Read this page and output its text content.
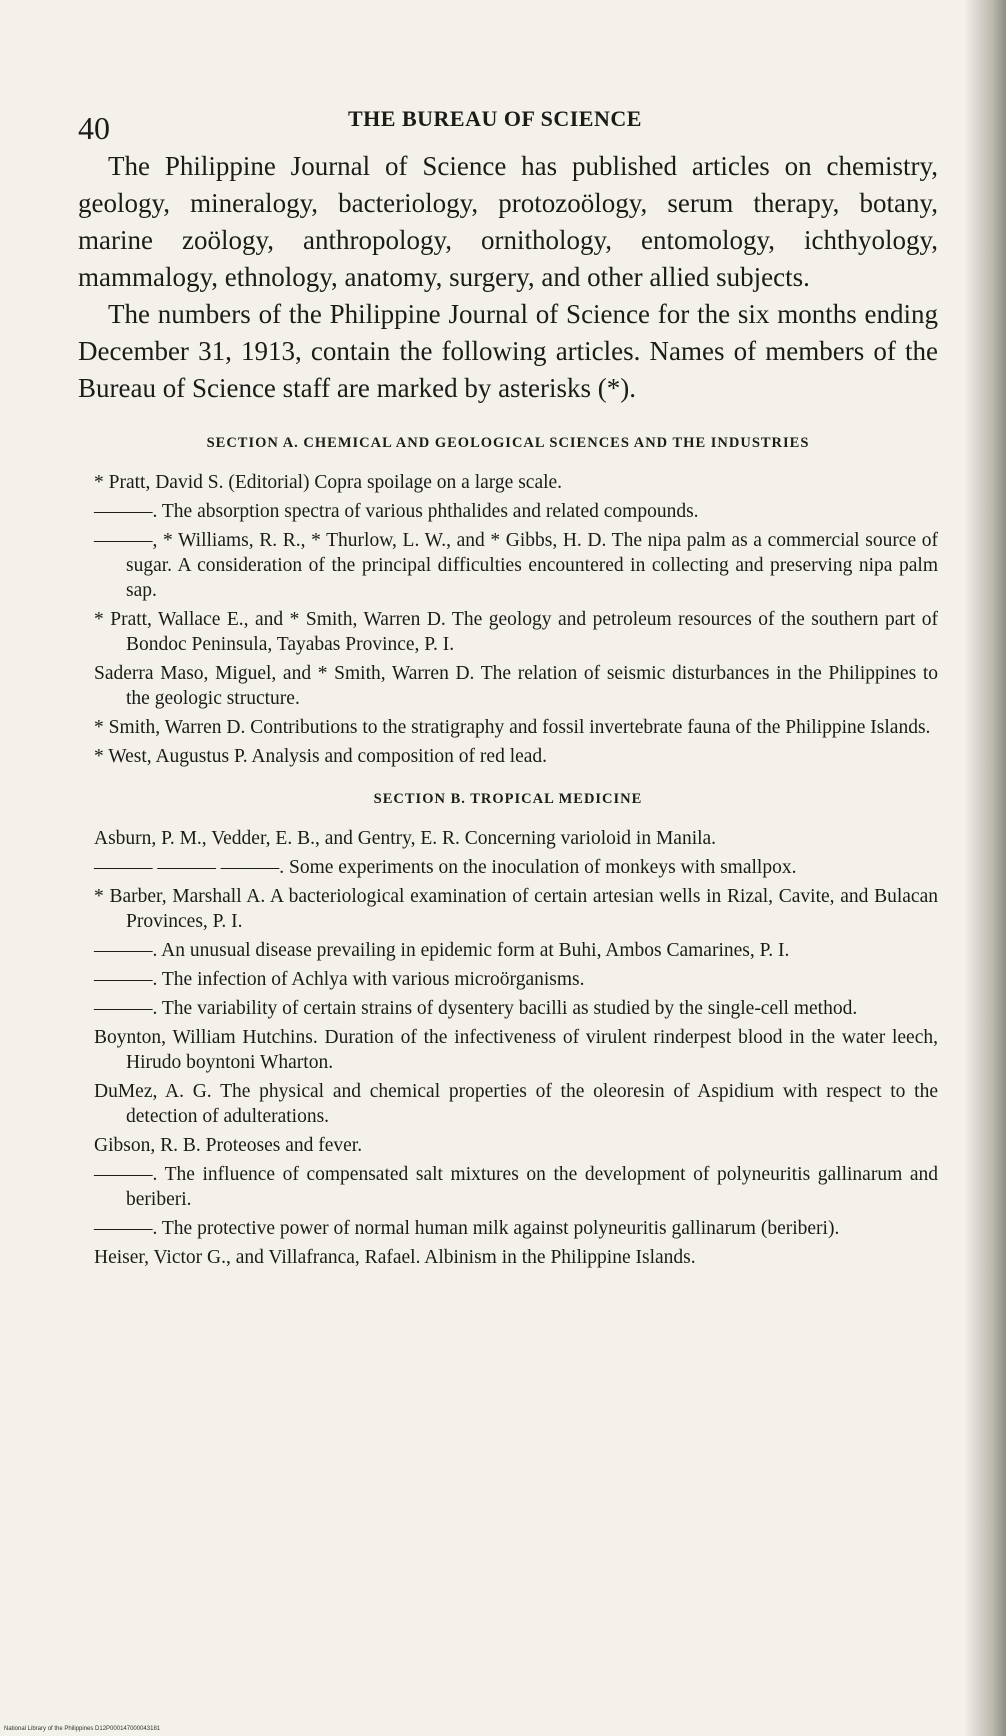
40	THE BUREAU OF SCIENCE

The Philippine Journal of Science has published articles on chemistry, geology, mineralogy, bacteriology, protozoölogy, serum therapy, botany, marine zoölogy, anthropology, ornithology, entomology, ichthyology, mammalogy, ethnology, anatomy, surgery, and other allied subjects.

The numbers of the Philippine Journal of Science for the six months ending December 31, 1913, contain the following articles. Names of members of the Bureau of Science staff are marked by asterisks (*).

SECTION A. CHEMICAL AND GEOLOGICAL SCIENCES AND THE INDUSTRIES
* Pratt, David S. (Editorial) Copra spoilage on a large scale.
———. The absorption spectra of various phthalides and related compounds.
———, * Williams, R. R., * Thurlow, L. W., and * Gibbs, H. D. The nipa palm as a commercial source of sugar. A consideration of the principal difficulties encountered in collecting and preserving nipa palm sap.
* Pratt, Wallace E., and * Smith, Warren D. The geology and petroleum resources of the southern part of Bondoc Peninsula, Tayabas Province, P. I.
Saderra Maso, Miguel, and * Smith, Warren D. The relation of seismic disturbances in the Philippines to the geologic structure.
* Smith, Warren D. Contributions to the stratigraphy and fossil invertebrate fauna of the Philippine Islands.
* West, Augustus P. Analysis and composition of red lead.
SECTION B. TROPICAL MEDICINE
Asburn, P. M., Vedder, E. B., and Gentry, E. R. Concerning varioloid in Manila.
——— ——— ———. Some experiments on the inoculation of monkeys with smallpox.
* Barber, Marshall A. A bacteriological examination of certain artesian wells in Rizal, Cavite, and Bulacan Provinces, P. I.
———. An unusual disease prevailing in epidemic form at Buhi, Ambos Camarines, P. I.
———. The infection of Achlya with various microörganisms.
———. The variability of certain strains of dysentery bacilli as studied by the single-cell method.
Boynton, William Hutchins. Duration of the infectiveness of virulent rinderpest blood in the water leech, Hirudo boyntoni Wharton.
DuMez, A. G. The physical and chemical properties of the oleoresin of Aspidium with respect to the detection of adulterations.
Gibson, R. B. Proteoses and fever.
———. The influence of compensated salt mixtures on the development of polyneuritis gallinarum and beriberi.
———. The protective power of normal human milk against polyneuritis gallinarum (beriberi).
Heiser, Victor G., and Villafranca, Rafael. Albinism in the Philippine Islands.
National Library of the Philippines D12P000147000043181
